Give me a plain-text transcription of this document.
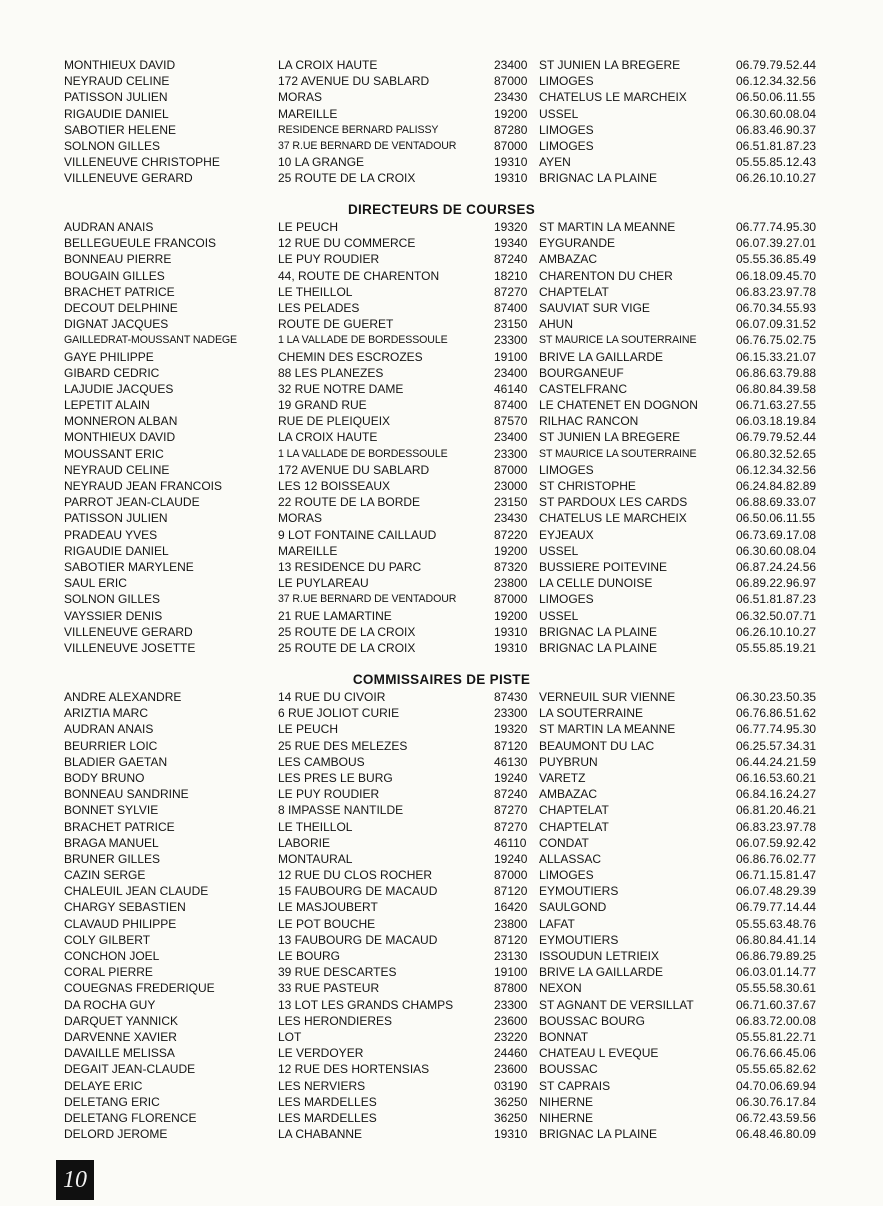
MONTHIEUX DAVID	LA CROIX HAUTE	23400 ST JUNIEN LA BREGERE	06.79.79.52.44
NEYRAUD CELINE	172 AVENUE DU SABLARD	87000 LIMOGES	06.12.34.32.56
PATISSON JULIEN	MORAS	23430 CHATELUS LE MARCHEIX	06.50.06.11.55
RIGAUDIE DANIEL	MAREILLE	19200 USSEL	06.30.60.08.04
SABOTIER HELENE	RESIDENCE BERNARD PALISSY	87280 LIMOGES	06.83.46.90.37
SOLNON GILLES	37 R.UE BERNARD DE VENTADOUR	87000 LIMOGES	06.51.81.87.23
VILLENEUVE CHRISTOPHE	10 LA GRANGE	19310 AYEN	05.55.85.12.43
VILLENEUVE GERARD	25 ROUTE DE LA CROIX	19310 BRIGNAC LA PLAINE	06.26.10.10.27
DIRECTEURS DE COURSES
AUDRAN ANAIS	LE PEUCH	19320 ST MARTIN LA MEANNE	06.77.74.95.30
BELLEGUEULE FRANCOIS	12 RUE DU COMMERCE	19340 EYGURANDE	06.07.39.27.01
BONNEAU PIERRE	LE PUY ROUDIER	87240 AMBAZAC	05.55.36.85.49
BOUGAIN GILLES	44, ROUTE DE CHARENTON	18210 CHARENTON DU CHER	06.18.09.45.70
BRACHET PATRICE	LE THEILLOL	87270 CHAPTELAT	06.83.23.97.78
DECOUT DELPHINE	LES PELADES	87400 SAUVIAT SUR VIGE	06.70.34.55.93
DIGNAT JACQUES	ROUTE DE GUERET	23150 AHUN	06.07.09.31.52
GAILLEDRAT-MOUSSANT NADEGE	1 LA VALLADE DE BORDESSOULE	23300 ST MAURICE LA SOUTERRAINE	06.76.75.02.75
GAYE PHILIPPE	CHEMIN DES ESCROZES	19100 BRIVE LA GAILLARDE	06.15.33.21.07
GIBARD CEDRIC	88 LES PLANEZES	23400 BOURGANEUF	06.86.63.79.88
LAJUDIE JACQUES	32 RUE NOTRE DAME	46140 CASTELFRANC	06.80.84.39.58
LEPETIT ALAIN	19 GRAND RUE	87400 LE CHATENET EN DOGNON	06.71.63.27.55
MONNERON ALBAN	RUE DE PLEIQUEIX	87570 RILHAC RANCON	06.03.18.19.84
MONTHIEUX DAVID	LA CROIX HAUTE	23400 ST JUNIEN LA BREGERE	06.79.79.52.44
MOUSSANT ERIC	1 LA VALLADE DE BORDESSOULE	23300 ST MAURICE LA SOUTERRAINE	06.80.32.52.65
NEYRAUD CELINE	172 AVENUE DU SABLARD	87000 LIMOGES	06.12.34.32.56
NEYRAUD JEAN FRANCOIS	LES 12 BOISSEAUX	23000 ST CHRISTOPHE	06.24.84.82.89
PARROT JEAN-CLAUDE	22 ROUTE DE LA BORDE	23150 ST PARDOUX LES CARDS	06.88.69.33.07
PATISSON JULIEN	MORAS	23430 CHATELUS LE MARCHEIX	06.50.06.11.55
PRADEAU YVES	9 LOT FONTAINE CAILLAUD	87220 EYJEAUX	06.73.69.17.08
RIGAUDIE DANIEL	MAREILLE	19200 USSEL	06.30.60.08.04
SABOTIER MARYLENE	13 RESIDENCE DU PARC	87320 BUSSIERE POITEVINE	06.87.24.24.56
SAUL ERIC	LE PUYLAREAU	23800 LA CELLE DUNOISE	06.89.22.96.97
SOLNON GILLES	37 R.UE BERNARD DE VENTADOUR	87000 LIMOGES	06.51.81.87.23
VAYSSIER DENIS	21 RUE LAMARTINE	19200 USSEL	06.32.50.07.71
VILLENEUVE GERARD	25 ROUTE DE LA CROIX	19310 BRIGNAC LA PLAINE	06.26.10.10.27
VILLENEUVE JOSETTE	25 ROUTE DE LA CROIX	19310 BRIGNAC LA PLAINE	05.55.85.19.21
COMMISSAIRES DE PISTE
ANDRE ALEXANDRE	14 RUE DU CIVOIR	87430 VERNEUIL SUR VIENNE	06.30.23.50.35
ARIZTIA MARC	6 RUE JOLIOT CURIE	23300 LA SOUTERRAINE	06.76.86.51.62
AUDRAN ANAIS	LE PEUCH	19320 ST MARTIN LA MEANNE	06.77.74.95.30
BEURRIER LOIC	25 RUE DES MELEZES	87120 BEAUMONT DU LAC	06.25.57.34.31
BLADIER GAETAN	LES CAMBOUS	46130 PUYBRUN	06.44.24.21.59
BODY BRUNO	LES PRES LE BURG	19240 VARETZ	06.16.53.60.21
BONNEAU SANDRINE	LE PUY ROUDIER	87240 AMBAZAC	06.84.16.24.27
BONNET SYLVIE	8 IMPASSE NANTILDE	87270 CHAPTELAT	06.81.20.46.21
BRACHET PATRICE	LE THEILLOL	87270 CHAPTELAT	06.83.23.97.78
BRAGA MANUEL	LABORIE	46110 CONDAT	06.07.59.92.42
BRUNER GILLES	MONTAURAL	19240 ALLASSAC	06.86.76.02.77
CAZIN SERGE	12 RUE DU CLOS ROCHER	87000 LIMOGES	06.71.15.81.47
CHALEUIL JEAN CLAUDE	15 FAUBOURG DE MACAUD	87120 EYMOUTIERS	06.07.48.29.39
CHARGY SEBASTIEN	LE MASJOUBERT	16420 SAULGOND	06.79.77.14.44
CLAVAUD PHILIPPE	LE POT BOUCHE	23800 LAFAT	05.55.63.48.76
COLY GILBERT	13 FAUBOURG DE MACAUD	87120 EYMOUTIERS	06.80.84.41.14
CONCHON JOEL	LE BOURG	23130 ISSOUDUN LETRIEIX	06.86.79.89.25
CORAL PIERRE	39 RUE DESCARTES	19100 BRIVE LA GAILLARDE	06.03.01.14.77
COUEGNAS FREDERIQUE	33 RUE PASTEUR	87800 NEXON	05.55.58.30.61
DA ROCHA GUY	13 LOT LES GRANDS CHAMPS	23300 ST AGNANT DE VERSILLAT	06.71.60.37.67
DARQUET YANNICK	LES HERONDIERES	23600 BOUSSAC BOURG	06.83.72.00.08
DARVENNE XAVIER	LOT	23220 BONNAT	05.55.81.22.71
DAVAILLE MELISSA	LE VERDOYER	24460 CHATEAU L EVEQUE	06.76.66.45.06
DEGAIT JEAN-CLAUDE	12 RUE DES HORTENSIAS	23600 BOUSSAC	05.55.65.82.62
DELAYE ERIC	LES NERVIERS	03190 ST CAPRAIS	04.70.06.69.94
DELETANG ERIC	LES MARDELLES	36250 NIHERNE	06.30.76.17.84
DELETANG FLORENCE	LES MARDELLES	36250 NIHERNE	06.72.43.59.56
DELORD JEROME	LA CHABANNE	19310 BRIGNAC LA PLAINE	06.48.46.80.09
10
